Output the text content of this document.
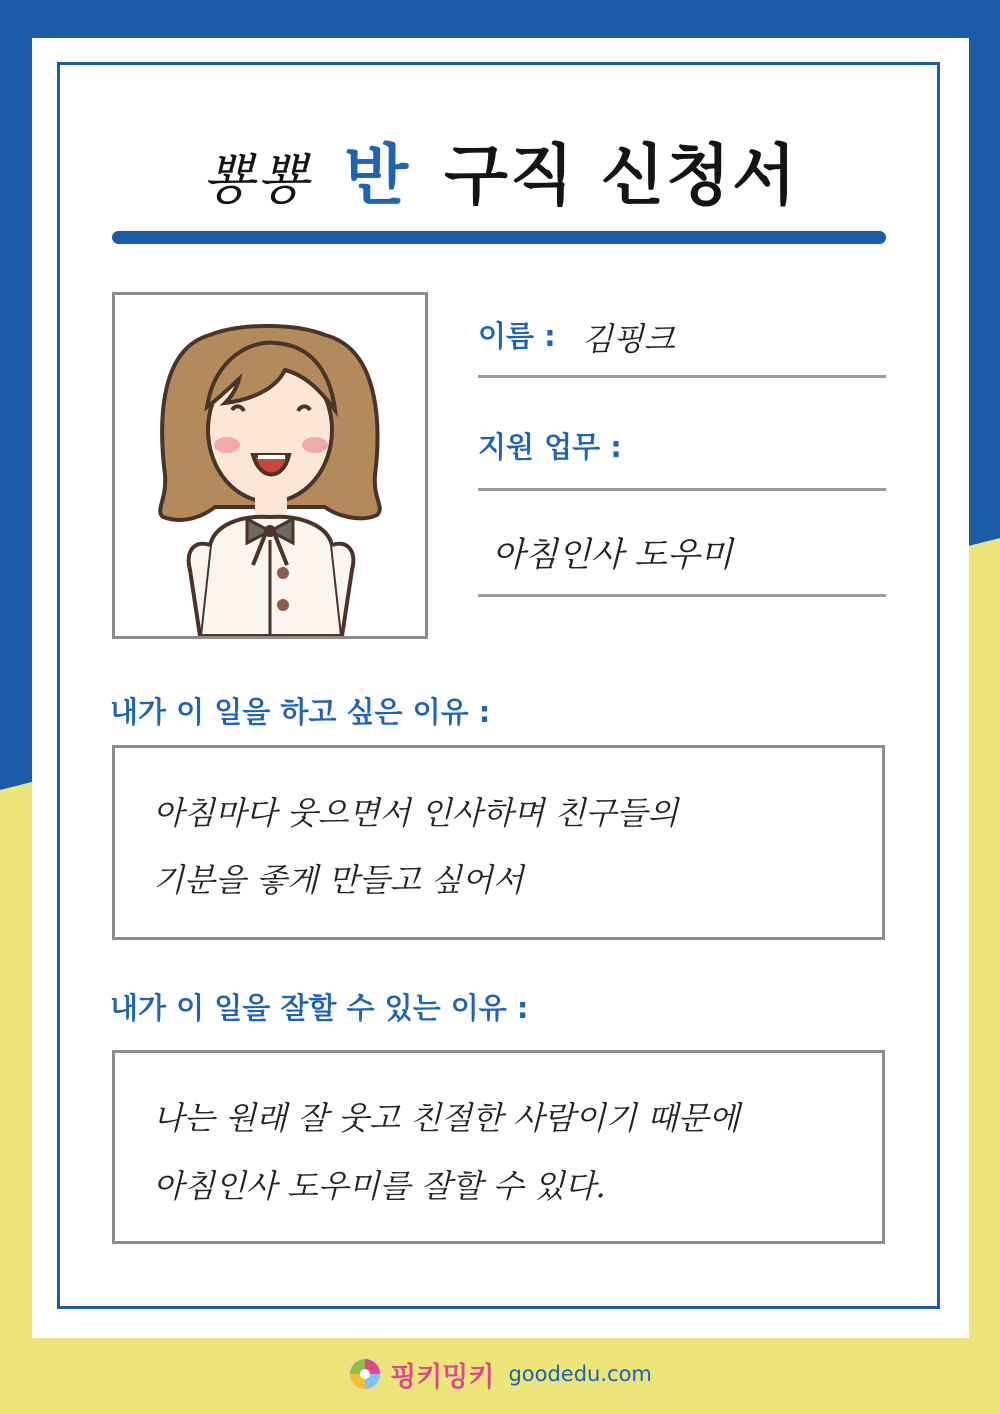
뿅뿅 반 구직 신청서
이름 : 김핑크
지원 업무 :
아침인사 도우미
내가 이 일을 하고 싶은 이유 :
아침마다 웃으면서 인사하며 친구들의
기분을 좋게 만들고 싶어서
내가 이 일을 잘할 수 있는 이유 :
나는 원래 잘 웃고 친절한 사람이기 때문에
아침인사 도우미를 잘할 수 있다.
핑키밍키 goodedu.com
